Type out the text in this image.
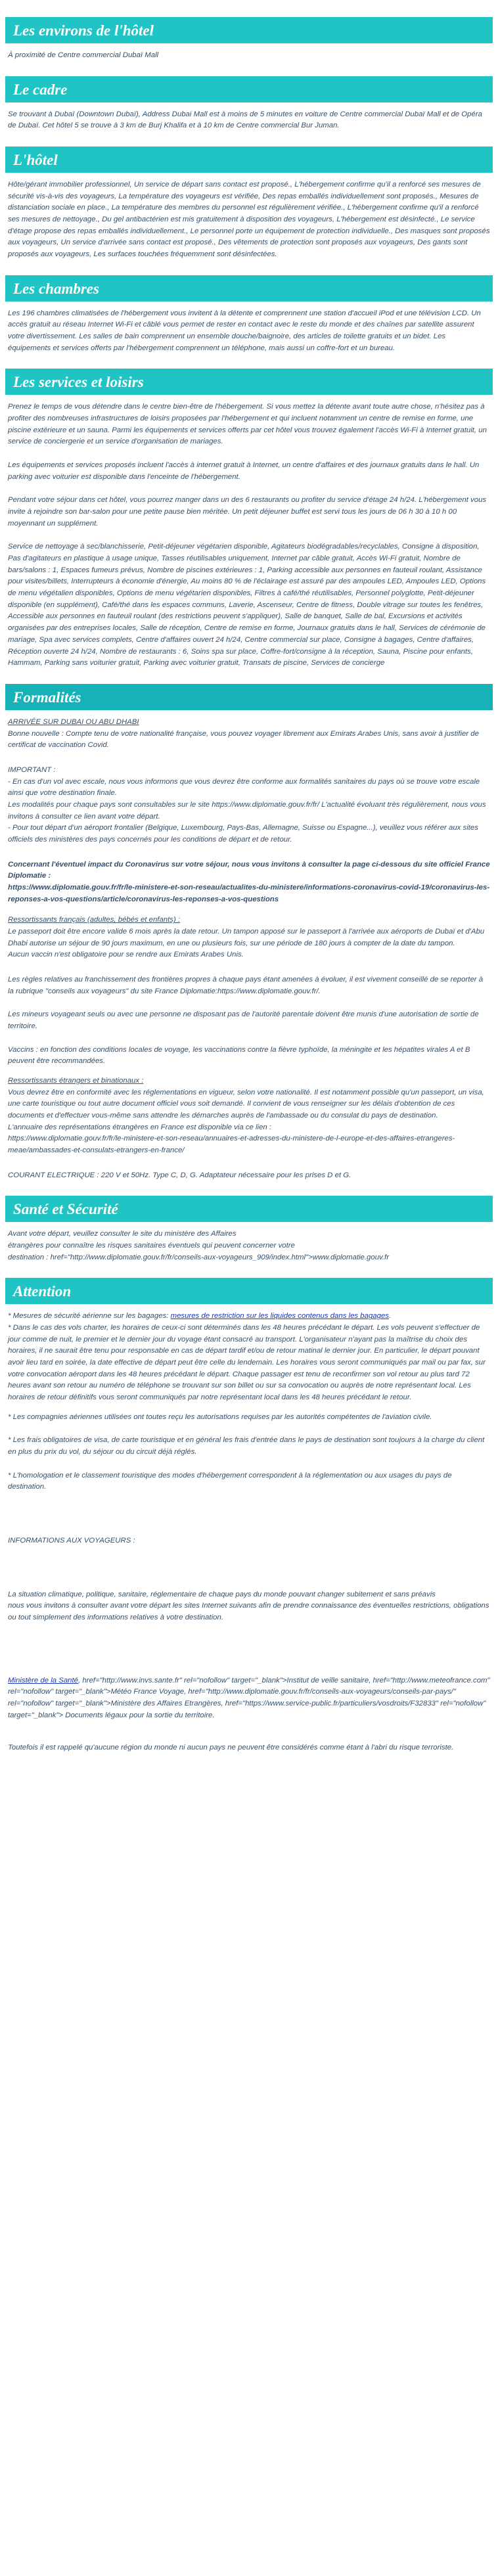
Les environs de l'hôtel

À proximité de Centre commercial Dubaï Mall

Le cadre

Se trouvant à Dubaï (Downtown Dubaï), Address Dubai Mall est à moins de 5 minutes en voiture de Centre commercial Dubaï Mall et de Opéra de Dubaï. Cet hôtel 5 se trouve à 3 km de Burj Khalifa et à 10 km de Centre commercial Bur Juman.

L'hôtel

Hôte/gérant immobilier professionnel, Un service de départ sans contact est proposé., L'hébergement confirme qu'il a renforcé ses mesures de sécurité vis-à-vis des voyageurs, La température des voyageurs est vérifiée, Des repas emballés individuellement sont proposés., Mesures de distanciation sociale en place., La température des membres du personnel est régulièrement vérifiée., L'hébergement confirme qu'il a renforcé ses mesures de nettoyage., Du gel antibactérien est mis gratuitement à disposition des voyageurs, L'hébergement est désinfecté., Le service d'étage propose des repas emballés individuellement., Le personnel porte un équipement de protection individuelle., Des masques sont proposés aux voyageurs, Un service d'arrivée sans contact est proposé., Des vêtements de protection sont proposés aux voyageurs, Des gants sont proposés aux voyageurs, Les surfaces touchées fréquemment sont désinfectées.

Les chambres

Les 196 chambres climatisées de l'hébergement vous invitent à la détente et comprennent une station d'accueil iPod et une télévision LCD. Un accès gratuit au réseau Internet Wi-Fi et câblé vous permet de rester en contact avec le reste du monde et des chaînes par satellite assurent votre divertissement. Les salles de bain comprennent un ensemble douche/baignoire, des articles de toilette gratuits et un bidet. Les équipements et services offerts par l'hébergement comprennent un téléphone, mais aussi un coffre-fort et un bureau.

Les services et loisirs

Prenez le temps de vous détendre dans le centre bien-être de l'hébergement. Si vous mettez la détente avant toute autre chose, n'hésitez pas à profiter des nombreuses infrastructures de loisirs proposées par l'hébergement et qui incluent notamment un centre de remise en forme, une piscine extérieure et un sauna. Parmi les équipements et services offerts par cet hôtel vous trouvez également l'accès Wi-Fi à Internet gratuit, un service de conciergerie et un service d'organisation de mariages.

Les équipements et services proposés incluent l'accès à internet gratuit à Internet, un centre d'affaires et des journaux gratuits dans le hall. Un parking avec voiturier est disponible dans l'enceinte de l'hébergement.

Pendant votre séjour dans cet hôtel, vous pourrez manger dans un des 6 restaurants ou profiter du service d'étage 24 h/24. L'hébergement vous invite à rejoindre son bar-salon pour une petite pause bien méritée. Un petit déjeuner buffet est servi tous les jours de 06 h 30 à 10 h 00 moyennant un supplément.

Service de nettoyage à sec/blanchisserie, Petit-déjeuner végétarien disponible, Agitateurs biodégradables/recyclables, Consigne à disposition, Pas d'agitateurs en plastique à usage unique, Tasses réutilisables uniquement, Internet par câble gratuit, Accès Wi-Fi gratuit, Nombre de bars/salons : 1, Espaces fumeurs prévus, Nombre de piscines extérieures : 1, Parking accessible aux personnes en fauteuil roulant, Assistance pour visites/billets, Interrupteurs à économie d'énergie, Au moins 80 % de l'éclairage est assuré par des ampoules LED, Ampoules LED, Options de menu végétalien disponibles, Options de menu végétarien disponibles, Filtres à café/thé réutilisables, Personnel polyglotte, Petit-déjeuner disponible (en supplément), Café/thé dans les espaces communs, Laverie, Ascenseur, Centre de fitness, Double vitrage sur toutes les fenêtres, Accessible aux personnes en fauteuil roulant (des restrictions peuvent s'appliquer), Salle de banquet, Salle de bal, Excursions et activités organisées par des entreprises locales, Salle de réception, Centre de remise en forme, Journaux gratuits dans le hall, Services de cérémonie de mariage, Spa avec services complets, Centre d'affaires ouvert 24 h/24, Centre commercial sur place, Consigne à bagages, Centre d'affaires, Réception ouverte 24 h/24, Nombre de restaurants : 6, Soins spa sur place, Coffre-fort/consigne à la réception, Sauna, Piscine pour enfants, Hammam, Parking sans voiturier gratuit, Parking avec voiturier gratuit, Transats de piscine, Services de concierge

Formalités
ARRIVÉE SUR DUBAI OU ABU DHABI
Bonne nouvelle : Compte tenu de votre nationalité française, vous pouvez voyager librement aux Emirats Arabes Unis, sans avoir à justifier de certificat de vaccination Covid.
IMPORTANT :
- En cas d'un vol avec escale, nous vous informons que vous devrez être conforme aux formalités sanitaires du pays où se trouve votre escale ainsi que votre destination finale.
Les modalités pour chaque pays sont consultables sur le site https://www.diplomatie.gouv.fr/fr/ L'actualité évoluant très régulièrement, nous vous invitons à consulter ce lien avant votre départ.
- Pour tout départ d'un aéroport frontalier (Belgique, Luxembourg, Pays-Bas, Allemagne, Suisse ou Espagne...), veuillez vous référer aux sites officiels des ministères des pays concernés pour les conditions de départ et de retour.
Concernant l'éventuel impact du Coronavirus sur votre séjour, nous vous invitons à consulter la page ci-dessous du site officiel France Diplomatie :
https://www.diplomatie.gouv.fr/fr/le-ministere-et-son-reseau/actualites-du-ministere/informations-coronavirus-covid-19/coronavirus-les-reponses-a-vos-questions/article/coronavirus-les-reponses-a-vos-questions
Ressortissants français (adultes, bébés et enfants) :
Le passeport doit être encore valide 6 mois après la date retour. Un tampon apposé sur le passeport à l'arrivée aux aéroports de Dubaï et d'Abu Dhabi autorise un séjour de 90 jours maximum, en une ou plusieurs fois, sur une période de 180 jours à compter de la date du tampon.
Aucun vaccin n'est obligatoire pour se rendre aux Emirats Arabes Unis.

Les règles relatives au franchissement des frontières propres à chaque pays étant amenées à évoluer, il est vivement conseillé de se reporter à la rubrique "conseils aux voyageurs" du site France Diplomatie:https://www.diplomatie.gouv.fr/.

Les mineurs voyageant seuls ou avec une personne ne disposant pas de l'autorité parentale doivent être munis d'une autorisation de sortie de territoire.

Vaccins : en fonction des conditions locales de voyage, les vaccinations contre la fièvre typhoïde, la méningite et les hépatites virales A et B peuvent être recommandées.

Ressortissants étrangers et binationaux :
Vous devrez être en conformité avec les réglementations en vigueur, selon votre nationalité. Il est notamment possible qu'un passeport, un visa, une carte touristique ou tout autre document officiel vous soit demandé. Il convient de vous renseigner sur les délais d'obtention de ces documents et d'effectuer vous-même sans attendre les démarches auprès de l'ambassade ou du consulat du pays de destination.
L'annuaire des représentations étrangères en France est disponible via ce lien :
https://www.diplomatie.gouv.fr/fr/le-ministere-et-son-reseau/annuaires-et-adresses-du-ministere-de-l-europe-et-des-affaires-etrangeres-meae/ambassades-et-consulats-etrangers-en-france/

COURANT ELECTRIQUE : 220 V et 50Hz. Type C, D, G. Adaptateur nécessaire pour les prises D et G.

Santé et Sécurité
Avant votre départ, veuillez consulter le site du ministère des Affaires
étrangères pour connaître les risques sanitaires éventuels qui peuvent concerner votre
destination : href="http://www.diplomatie.gouv.fr/fr/conseils-aux-voyageurs_909/index.html">www.diplomatie.gouv.fr
Attention
* Mesures de sécurité aérienne sur les bagages: mesures de restriction sur les liquides contenus dans les bagages.

* Dans le cas des vols charter, les horaires de ceux-ci sont déterminés dans les 48 heures précédant le départ. Les vols peuvent s'effectuer de jour comme de nuit, le premier et le dernier jour du voyage étant consacré au transport. L'organisateur n'ayant pas la maîtrise du choix des horaires, il ne saurait être tenu pour responsable en cas de départ tardif et/ou de retour matinal le dernier jour. En particulier, le départ pouvant avoir lieu tard en soirée, la date effective de départ peut être celle du lendemain. Les horaires vous seront communiqués par mail ou par fax, sur votre convocation aéroport dans les 48 heures précédant le départ. Chaque passager est tenu de reconfirmer son vol retour au plus tard 72 heures avant son retour au numéro de téléphone se trouvant sur son billet ou sur sa convocation ou auprès de notre représentant local. Les horaires de retour définitifs vous seront communiqués par notre représentant local dans les 48 heures précédant le retour.

* Les compagnies aériennes utilisées ont toutes reçu les autorisations requises par les autorités compétentes de l'aviation civile.

* Les frais obligatoires de visa, de carte touristique et en général les frais d'entrée dans le pays de destination sont toujours à la charge du client en plus du prix du vol, du séjour ou du circuit déjà réglés.

* L'homologation et le classement touristique des modes d'hébergement correspondent à la réglementation ou aux usages du pays de destination.

INFORMATIONS AUX VOYAGEURS :

La situation climatique, politique, sanitaire, réglementaire de chaque pays du monde pouvant changer subitement et sans préavis
nous vous invitons à consulter avant votre départ les sites Internet suivants afin de prendre connaissance des éventuelles restrictions, obligations ou tout simplement des informations relatives à votre destination.

Ministère de la Santé, href="http://www.invs.sante.fr" rel="nofollow" target="_blank">Institut de veille sanitaire, href="http://www.meteofrance.com" rel="nofollow" target="_blank">Météo France Voyage, href="http://www.diplomatie.gouv.fr/fr/conseils-aux-voyageurs/conseils-par-pays/" rel="nofollow" target="_blank">Ministère des Affaires Etrangères, href="https://www.service-public.fr/particuliers/vosdroits/F32833" rel="nofollow" target="_blank"> Documents légaux pour la sortie du territoire.

Toutefois il est rappelé qu'aucune région du monde ni aucun pays ne peuvent être considérés comme étant à l'abri du risque terroriste.
